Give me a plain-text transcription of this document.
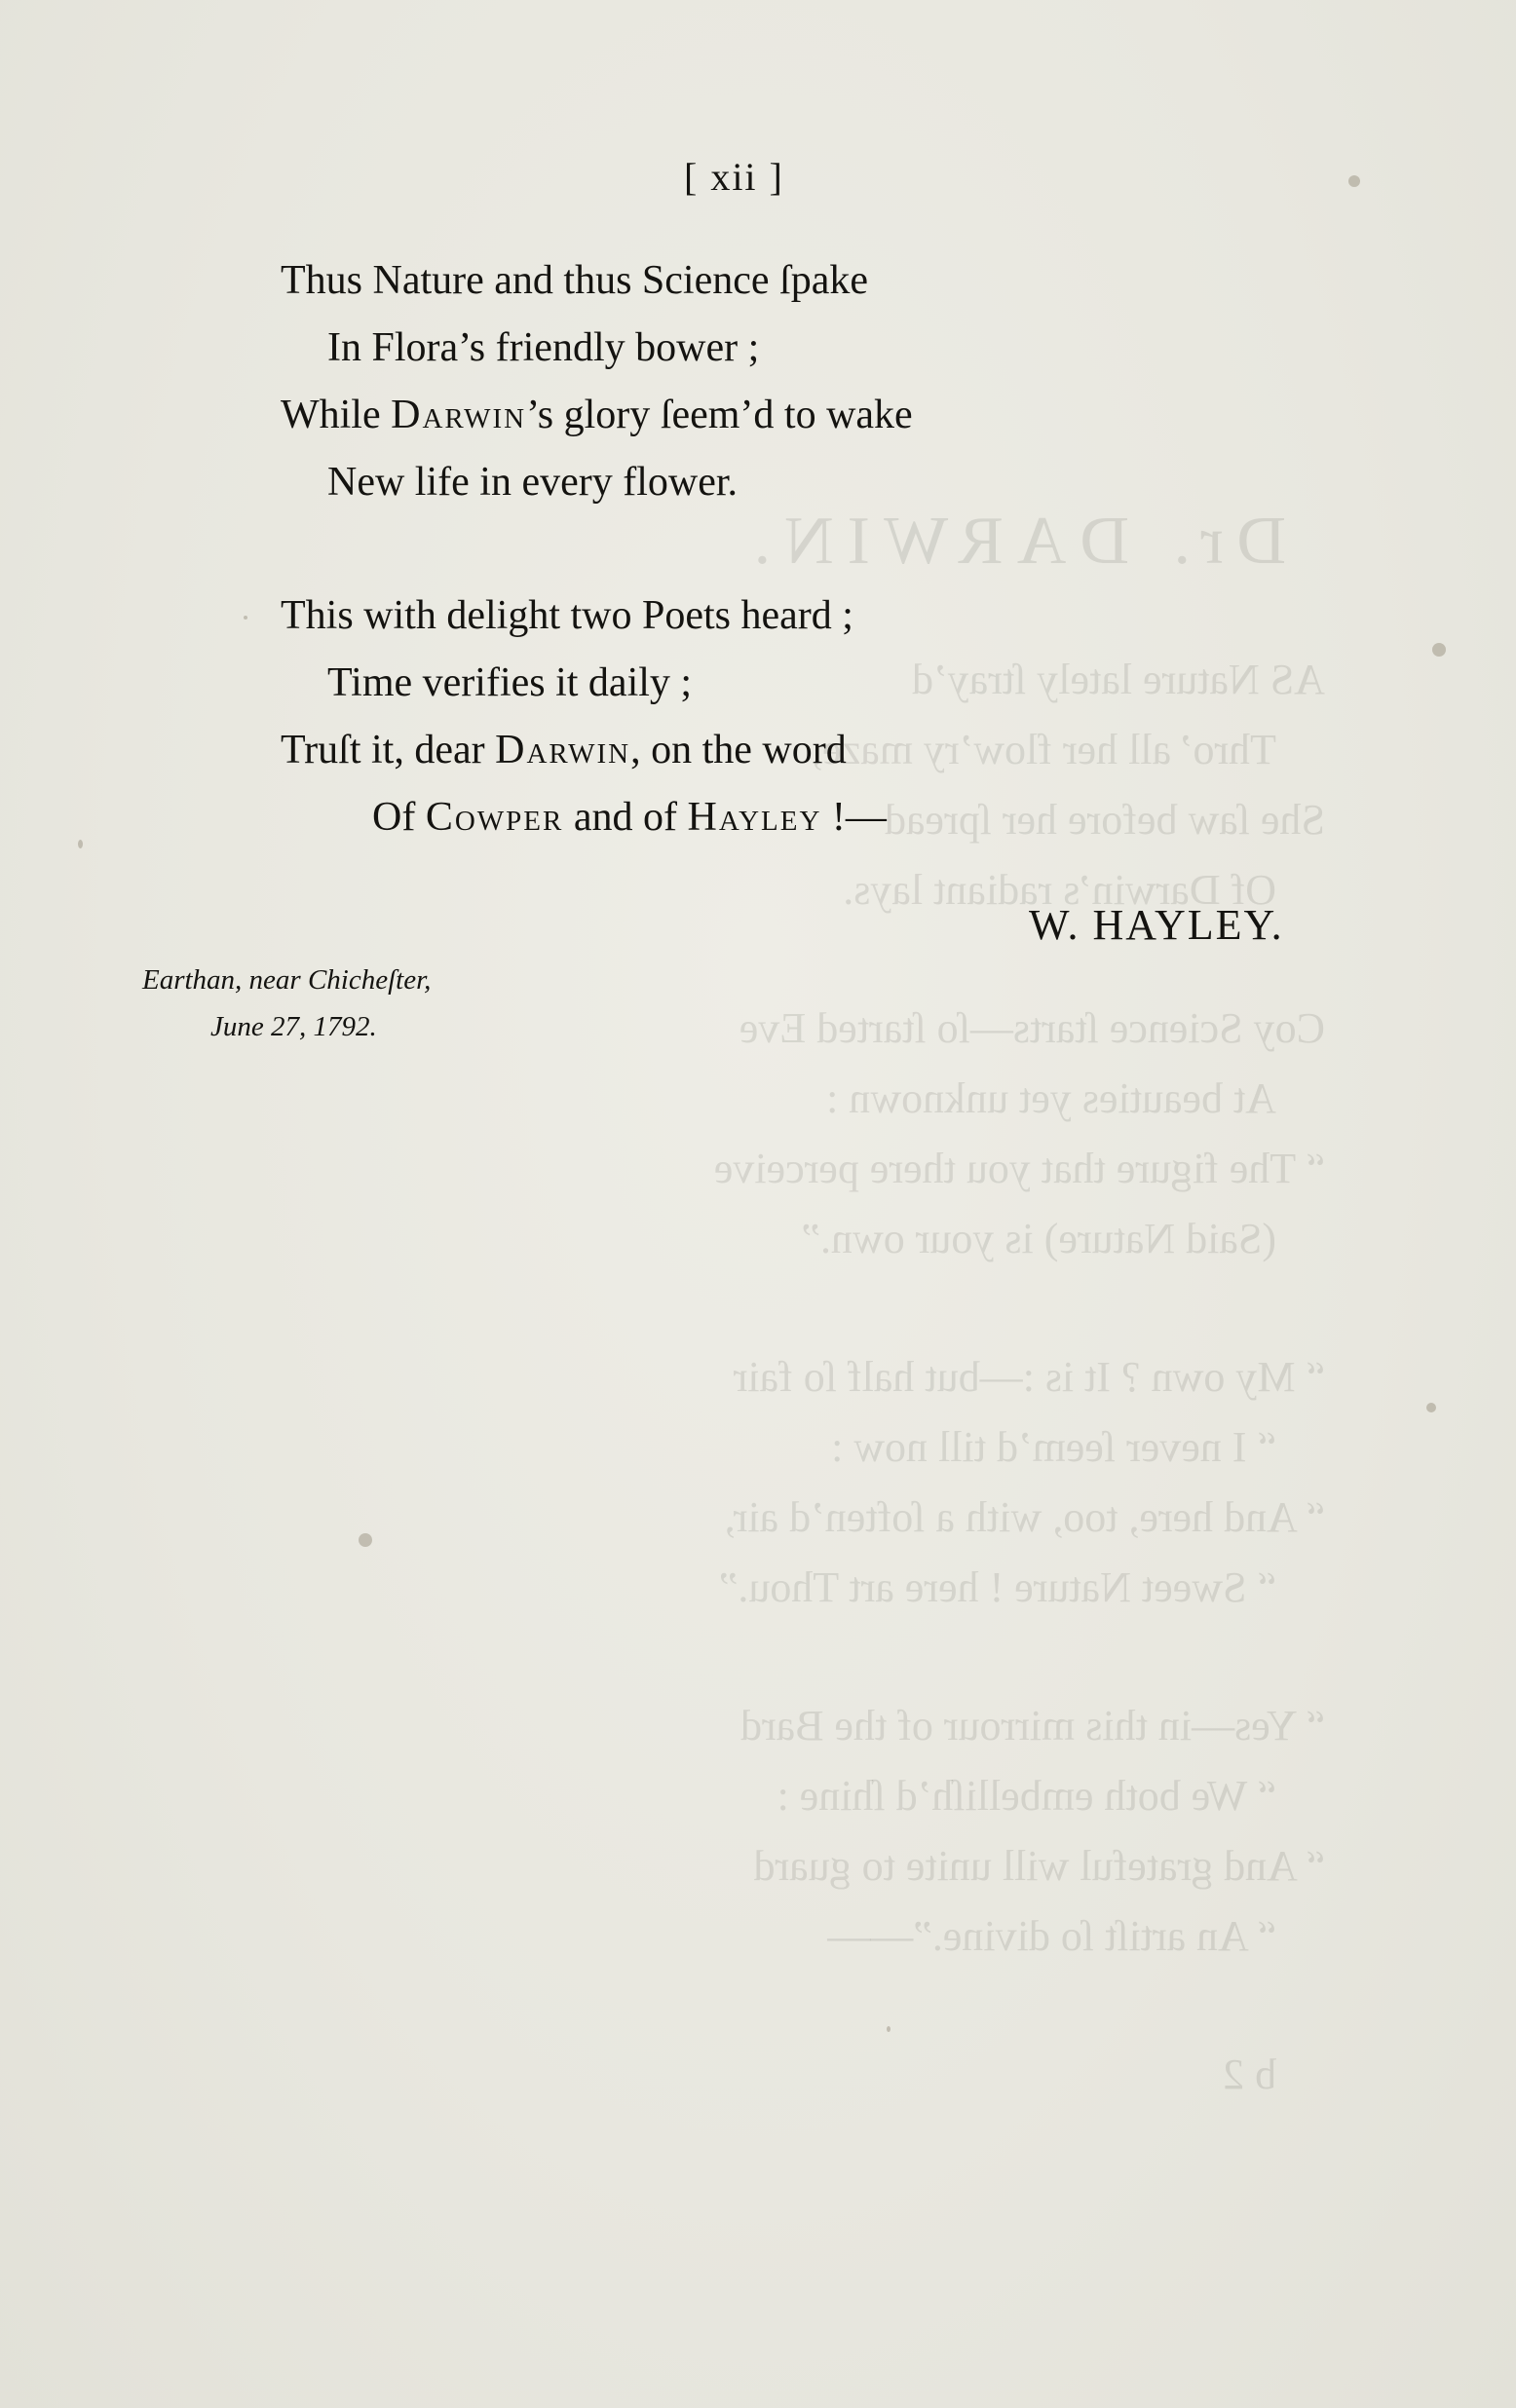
Dr. DARWIN.
AS Nature lately ſtray’d
Thro’ all her flow’ry maze,
She ſaw before her ſpread
Of Darwin’s radiant lays.
Coy Science ſtarts—ſo ſtarted Eve
At beauties yet unknown :
“ The figure that you there perceive
(Said Nature) is your own.”
“ My own ? It is :—but half ſo fair
“ I never ſeem’d till now :
“ And here, too, with a ſoften’d air,
“ Sweet Nature ! here art Thou.”
“ Yes—in this mirrour of the Bard
“ We both embelliſh’d ſhine :
“ And grateful will unite to guard
“ An artiſt ſo divine.”——
b 2
[ xii ]
Thus Nature and thus Science ſpake
In Flora’s friendly bower ;
While Darwin’s glory ſeem’d to wake
New life in every flower.
This with delight two Poets heard ;
Time verifies it daily ;
Truſt it, dear Darwin, on the word
Of Cowper and of Hayley !—
W. HAYLEY.
Earthan, near Chicheſter,
June 27, 1792.
